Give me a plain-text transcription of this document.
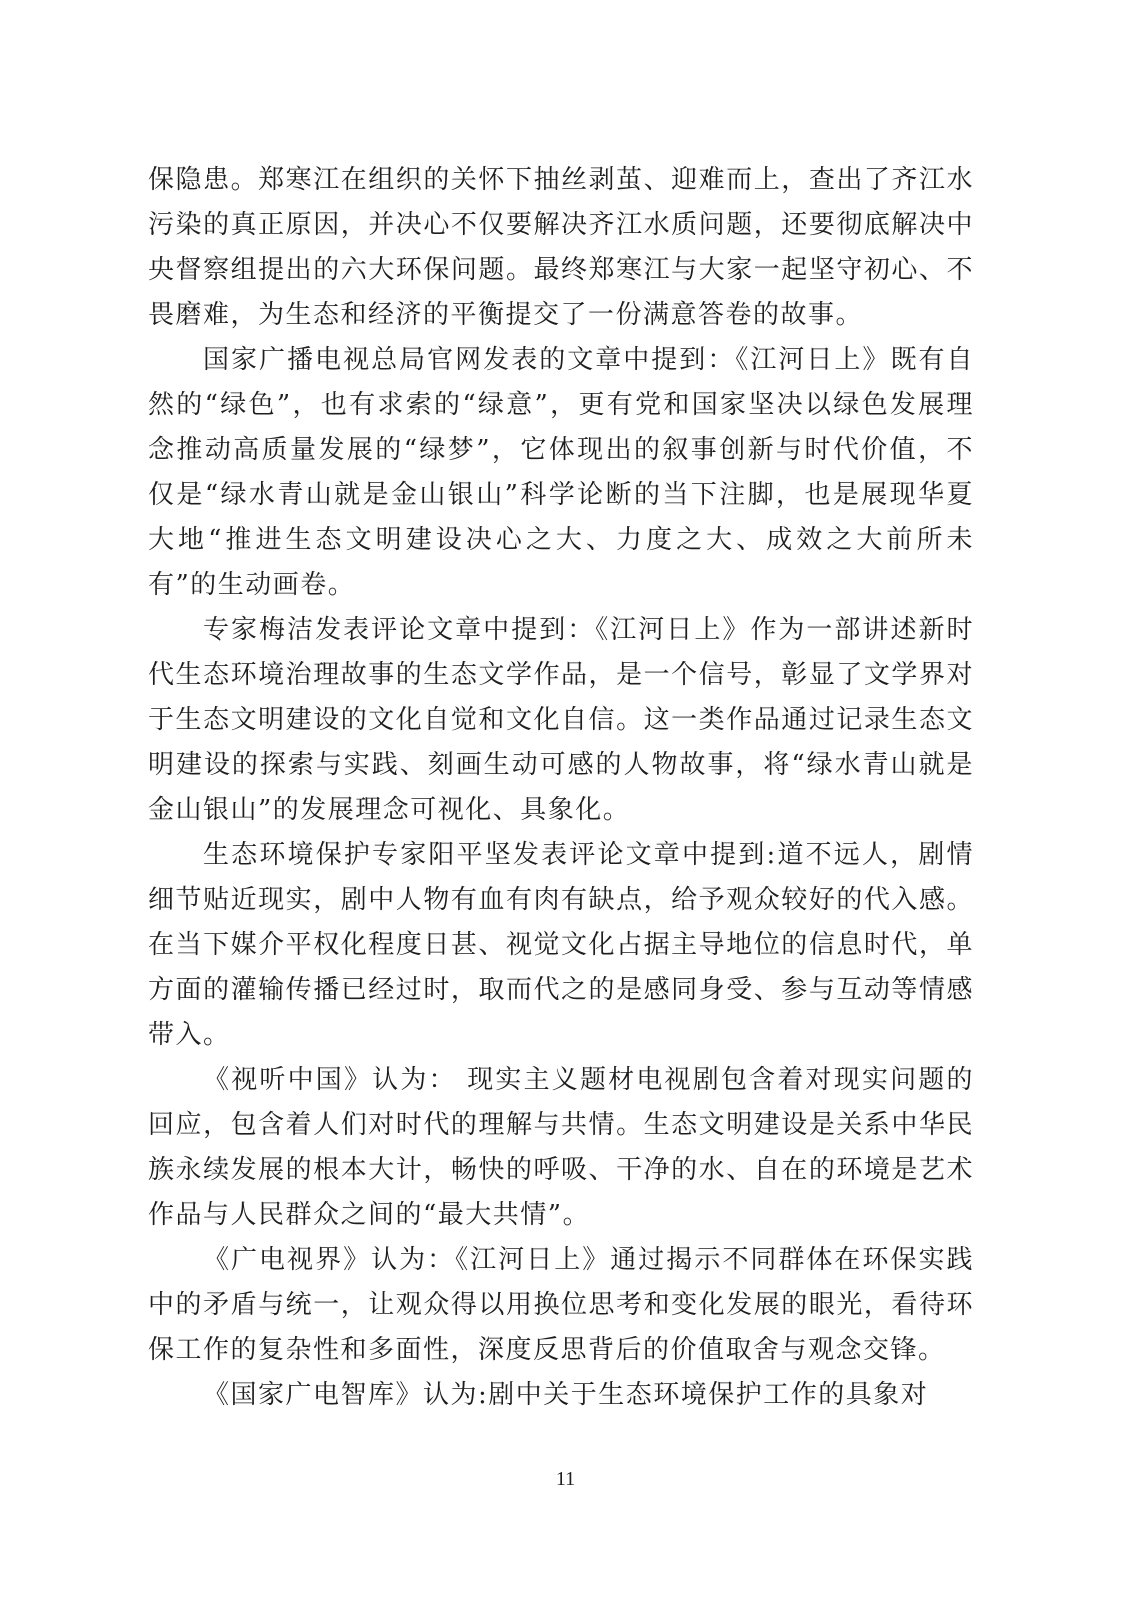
保隐患。郑寒江在组织的关怀下抽丝剥茧、迎难而上，查出了齐江水污染的真正原因，并决心不仅要解决齐江水质问题，还要彻底解决中央督察组提出的六大环保问题。最终郑寒江与大家一起坚守初心、不畏磨难，为生态和经济的平衡提交了一份满意答卷的故事。

国家广播电视总局官网发表的文章中提到：《江河日上》既有自然的“绿色”，也有求索的“绿意”，更有党和国家坚决以绿色发展理念推动高质量发展的“绿梦”，它体现出的叙事创新与时代价值，不仅是“绿水青山就是金山银山”科学论断的当下注脚，也是展现华夏大地“推进生态文明建设决心之大、力度之大、成效之大前所未有”的生动画卷。

专家梅洁发表评论文章中提到：《江河日上》作为一部讲述新时代生态环境治理故事的生态文学作品，是一个信号，彰显了文学界对于生态文明建设的文化自觉和文化自信。这一类作品通过记录生态文明建设的探索与实践、刻画生动可感的人物故事，将“绿水青山就是金山银山”的发展理念可视化、具象化。

生态环境保护专家阳平坚发表评论文章中提到:道不远人，剧情细节贴近现实，剧中人物有血有肉有缺点，给予观众较好的代入感。在当下媒介平权化程度日甚、视觉文化占据主导地位的信息时代，单方面的灌输传播已经过时，取而代之的是感同身受、参与互动等情感带入。

《视听中国》认为： 现实主义题材电视剧包含着对现实问题的回应，包含着人们对时代的理解与共情。生态文明建设是关系中华民族永续发展的根本大计，畅快的呼吸、干净的水、自在的环境是艺术作品与人民群众之间的“最大共情”。

《广电视界》认为：《江河日上》通过揭示不同群体在环保实践中的矛盾与统一，让观众得以用换位思考和变化发展的眼光，看待环保工作的复杂性和多面性，深度反思背后的价值取舍与观念交锋。

《国家广电智库》认为:剧中关于生态环境保护工作的具象对

11
